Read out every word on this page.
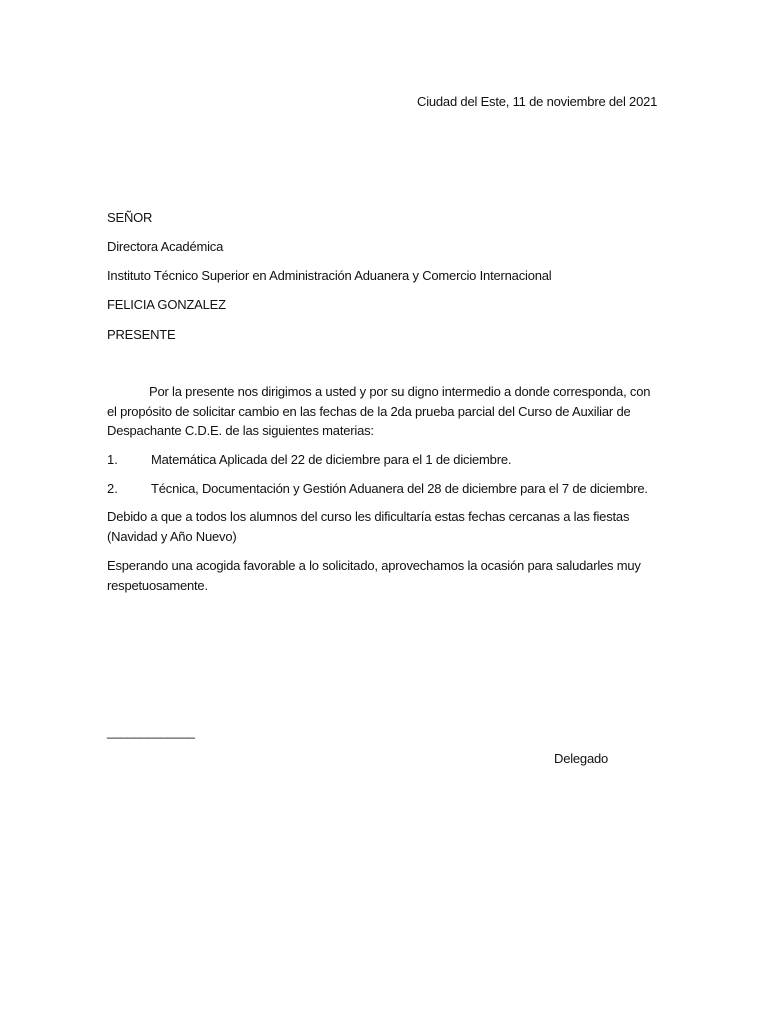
Ciudad del Este, 11 de noviembre del 2021
SEÑOR
Directora Académica
Instituto Técnico Superior en Administración Aduanera y Comercio Internacional
FELICIA GONZALEZ
PRESENTE
Por la presente nos dirigimos a usted y por su digno intermedio a donde corresponda, con el propósito de solicitar cambio en las fechas de la 2da prueba parcial del Curso de Auxiliar de Despachante C.D.E. de las siguientes materias:
1.	Matemática Aplicada del 22 de diciembre para el 1 de diciembre.
2.	Técnica, Documentación y Gestión Aduanera del 28 de diciembre para el 7 de diciembre.
Debido a que a todos los alumnos del curso les dificultaría estas fechas cercanas a las fiestas (Navidad y Año Nuevo)
Esperando una acogida favorable a lo solicitado, aprovechamos la ocasión para saludarles muy respetuosamente.
_____________
Delegado
